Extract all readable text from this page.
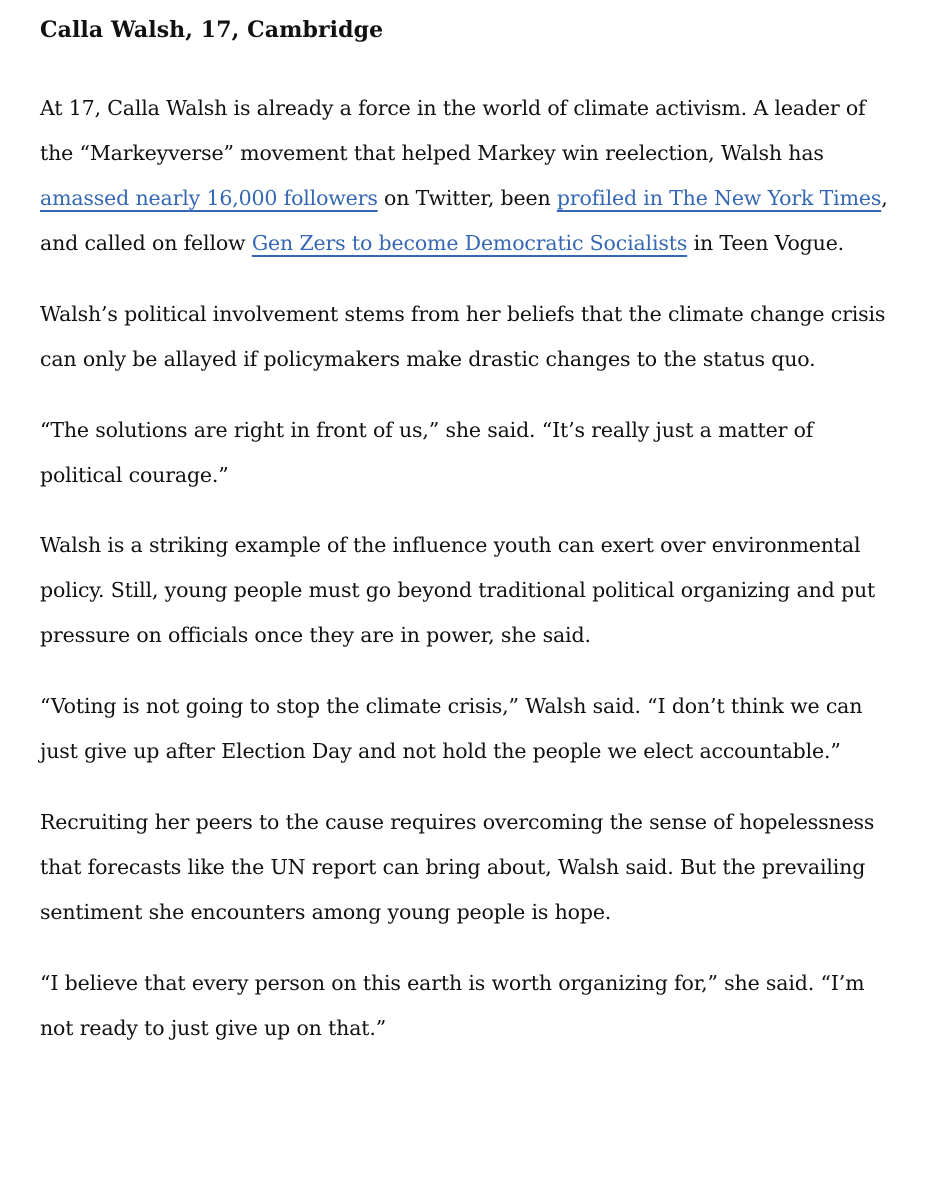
Calla Walsh, 17, Cambridge

At 17, Calla Walsh is already a force in the world of climate activism. A leader of the “Markeyverse” movement that helped Markey win reelection, Walsh has amassed nearly 16,000 followers on Twitter, been profiled in The New York Times, and called on fellow Gen Zers to become Democratic Socialists in Teen Vogue.

Walsh’s political involvement stems from her beliefs that the climate change crisis can only be allayed if policymakers make drastic changes to the status quo.

“The solutions are right in front of us,” she said. “It’s really just a matter of political courage.”

Walsh is a striking example of the influence youth can exert over environmental policy. Still, young people must go beyond traditional political organizing and put pressure on officials once they are in power, she said.

“Voting is not going to stop the climate crisis,” Walsh said. “I don’t think we can just give up after Election Day and not hold the people we elect accountable.”

Recruiting her peers to the cause requires overcoming the sense of hopelessness that forecasts like the UN report can bring about, Walsh said. But the prevailing sentiment she encounters among young people is hope.

“I believe that every person on this earth is worth organizing for,” she said. “I’m not ready to just give up on that.”
